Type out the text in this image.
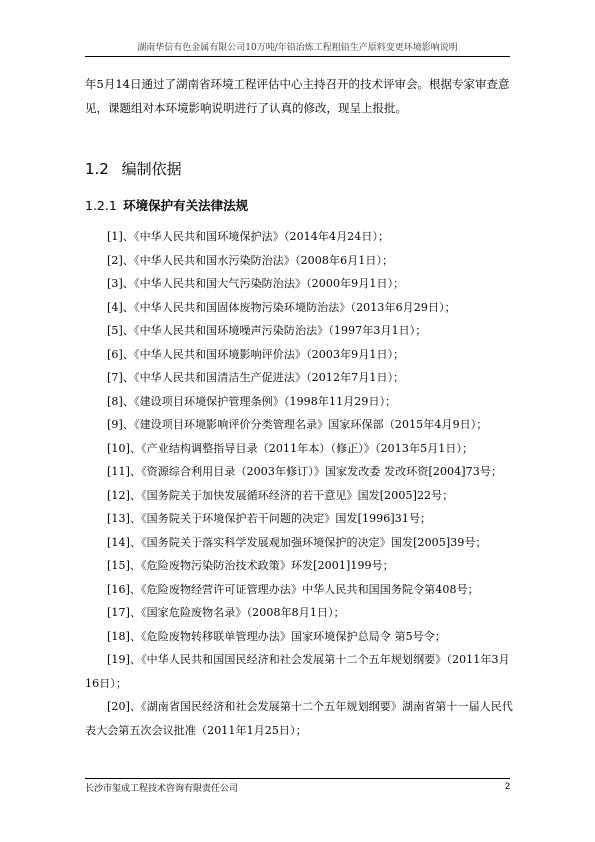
湖南华信有色金属有限公司10万吨/年铅冶炼工程粗铅生产原料变更环境影响说明

年5月14日通过了湖南省环境工程评估中心主持召开的技术评审会。根据专家审查意见，课题组对本环境影响说明进行了认真的修改，现呈上报批。

1.2 编制依据
1.2.1 环境保护有关法律法规

[1]、《中华人民共和国环境保护法》（2014年4月24日）；

[2]、《中华人民共和国水污染防治法》（2008年6月1日）；

[3]、《中华人民共和国大气污染防治法》（2000年9月1日）；

[4]、《中华人民共和国固体废物污染环境防治法》（2013年6月29日）；

[5]、《中华人民共和国环境噪声污染防治法》（1997年3月1日）；

[6]、《中华人民共和国环境影响评价法》（2003年9月1日）；

[7]、《中华人民共和国清洁生产促进法》（2012年7月1日）；

[8]、《建设项目环境保护管理条例》（1998年11月29日）；

[9]、《建设项目环境影响评价分类管理名录》国家环保部（2015年4月9日）；

[10]、《产业结构调整指导目录（2011年本）（修正）》（2013年5月1日）；

[11]、《资源综合利用目录（2003年修订）》国家发改委 发改环资[2004]73号；

[12]、《国务院关于加快发展循环经济的若干意见》国发[2005]22号；

[13]、《国务院关于环境保护若干问题的决定》国发[1996]31号；

[14]、《国务院关于落实科学发展观加强环境保护的决定》国发[2005]39号；

[15]、《危险废物污染防治技术政策》环发[2001]199号；

[16]、《危险废物经营许可证管理办法》中华人民共和国国务院令第408号；

[17]、《国家危险废物名录》（2008年8月1日）；

[18]、《危险废物转移联单管理办法》国家环境保护总局令 第5号令；

[19]、《中华人民共和国国民经济和社会发展第十二个五年规划纲要》（2011年3月16日）；

[20]、《湖南省国民经济和社会发展第十二个五年规划纲要》湖南省第十一届人民代表大会第五次会议批准（2011年1月25日）；

长沙市玺成工程技术咨询有限责任公司	2
